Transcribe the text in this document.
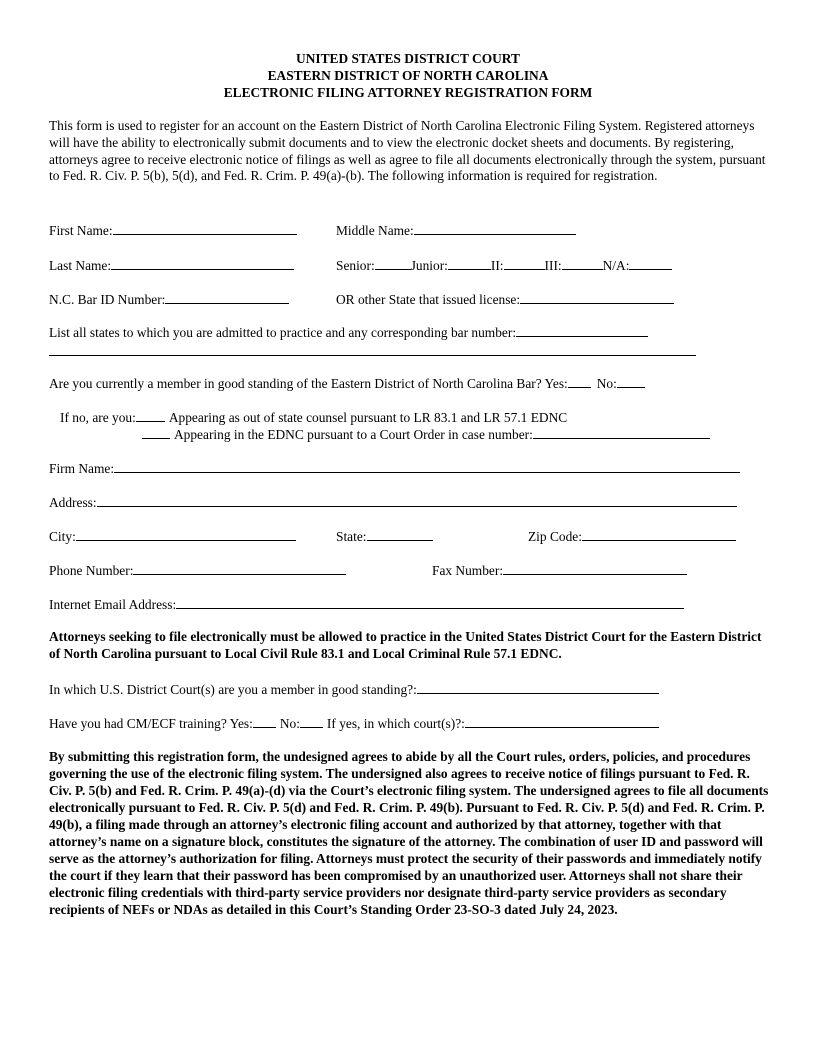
UNITED STATES DISTRICT COURT
EASTERN DISTRICT OF NORTH CAROLINA
ELECTRONIC FILING ATTORNEY REGISTRATION FORM
This form is used to register for an account on the Eastern District of North Carolina Electronic Filing System. Registered attorneys will have the ability to electronically submit documents and to view the electronic docket sheets and documents. By registering, attorneys agree to receive electronic notice of filings as well as agree to file all documents electronically through the system, pursuant to Fed. R. Civ. P. 5(b), 5(d), and Fed. R. Crim. P. 49(a)-(b). The following information is required for registration.
First Name:	Middle Name:
Last Name:	Senior:	Junior:	II:	III:	N/A:
N.C. Bar ID Number:	OR other State that issued license:
List all states to which you are admitted to practice and any corresponding bar number:
Are you currently a member in good standing of the Eastern District of North Carolina Bar? Yes: No:
If no, are you: Appearing as out of state counsel pursuant to LR 83.1 and LR 57.1 EDNC
Appearing in the EDNC pursuant to a Court Order in case number:
Firm Name:
Address:
City:	State:	Zip Code:
Phone Number:	Fax Number:
Internet Email Address:
Attorneys seeking to file electronically must be allowed to practice in the United States District Court for the Eastern District of North Carolina pursuant to Local Civil Rule 83.1 and Local Criminal Rule 57.1 EDNC.
In which U.S. District Court(s) are you a member in good standing?:
Have you had CM/ECF training? Yes: No: If yes, in which court(s)?:
By submitting this registration form, the undesigned agrees to abide by all the Court rules, orders, policies, and procedures governing the use of the electronic filing system. The undersigned also agrees to receive notice of filings pursuant to Fed. R. Civ. P. 5(b) and Fed. R. Crim. P. 49(a)-(d) via the Court’s electronic filing system. The undersigned agrees to file all documents electronically pursuant to Fed. R. Civ. P. 5(d) and Fed. R. Crim. P. 49(b). Pursuant to Fed. R. Civ. P. 5(d) and Fed. R. Crim. P. 49(b), a filing made through an attorney’s electronic filing account and authorized by that attorney, together with that attorney’s name on a signature block, constitutes the signature of the attorney. The combination of user ID and password will serve as the attorney’s authorization for filing. Attorneys must protect the security of their passwords and immediately notify the court if they learn that their password has been compromised by an unauthorized user. Attorneys shall not share their electronic filing credentials with third-party service providers nor designate third-party service providers as secondary recipients of NEFs or NDAs as detailed in this Court’s Standing Order 23-SO-3 dated July 24, 2023.
